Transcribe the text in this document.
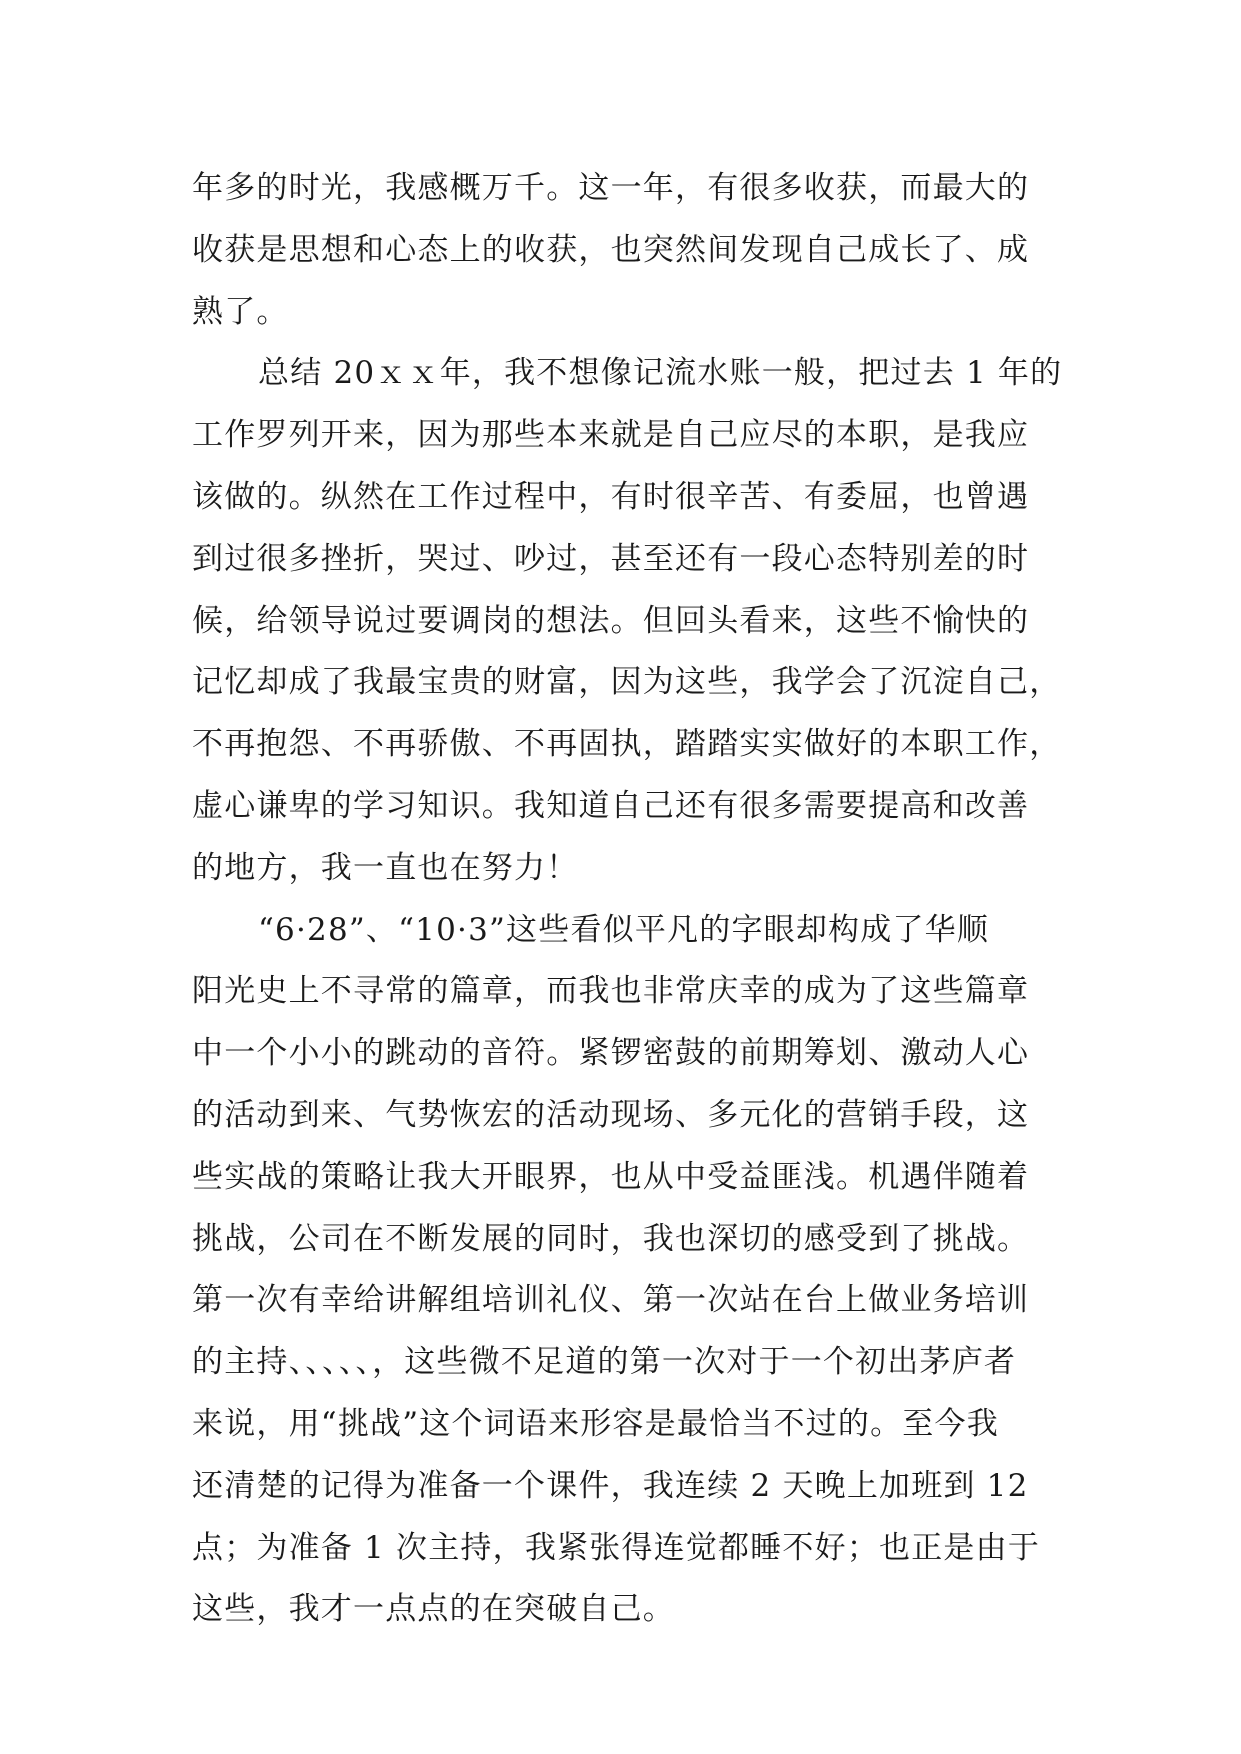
年多的时光，我感概万千。这一年，有很多收获，而最大的
收获是思想和心态上的收获，也突然间发现自己成长了、成
熟了。
总结 20ｘｘ年，我不想像记流水账一般，把过去 1 年的
工作罗列开来，因为那些本来就是自己应尽的本职，是我应
该做的。纵然在工作过程中，有时很辛苦、有委屈，也曾遇
到过很多挫折，哭过、吵过，甚至还有一段心态特别差的时
候，给领导说过要调岗的想法。但回头看来，这些不愉快的
记忆却成了我最宝贵的财富，因为这些，我学会了沉淀自己，
不再抱怨、不再骄傲、不再固执，踏踏实实做好的本职工作，
虚心谦卑的学习知识。我知道自己还有很多需要提高和改善
的地方，我一直也在努力！
“6·28”、“10·3”这些看似平凡的字眼却构成了华顺
阳光史上不寻常的篇章，而我也非常庆幸的成为了这些篇章
中一个小小的跳动的音符。紧锣密鼓的前期筹划、激动人心
的活动到来、气势恢宏的活动现场、多元化的营销手段，这
些实战的策略让我大开眼界，也从中受益匪浅。机遇伴随着
挑战，公司在不断发展的同时，我也深切的感受到了挑战。
第一次有幸给讲解组培训礼仪、第一次站在台上做业务培训
的主持、、、、、，这些微不足道的第一次对于一个初出茅庐者
来说，用“挑战”这个词语来形容是最恰当不过的。至今我
还清楚的记得为准备一个课件，我连续 2 天晚上加班到 12
点；为准备 1 次主持，我紧张得连觉都睡不好；也正是由于
这些，我才一点点的在突破自己。
